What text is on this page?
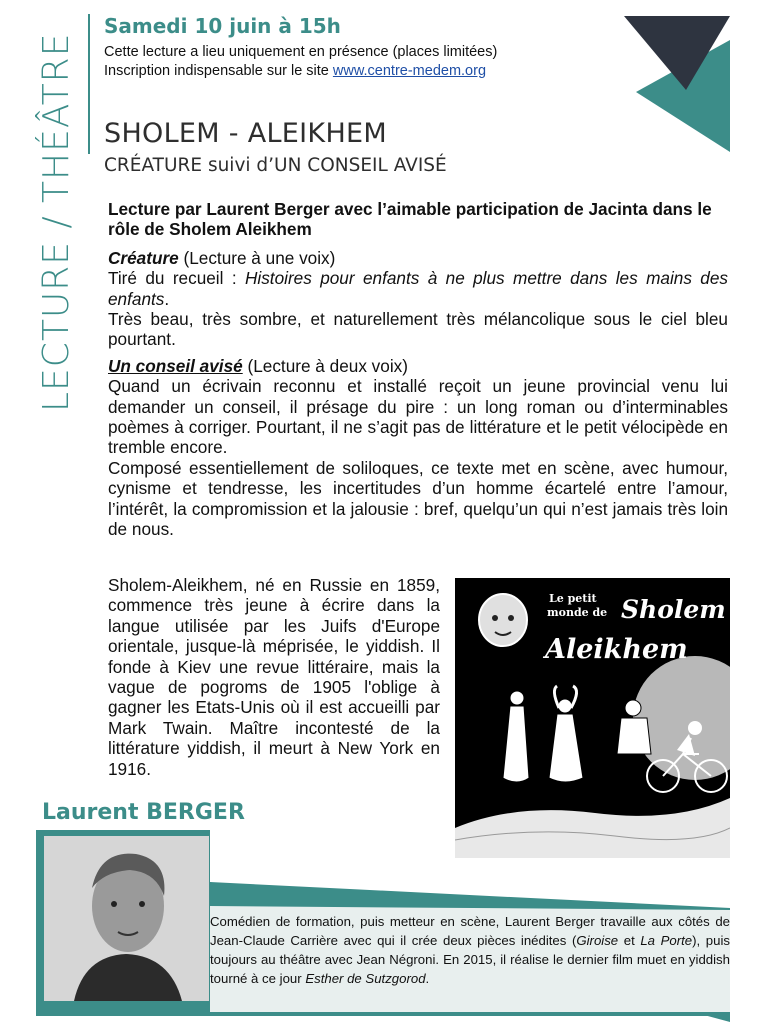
LECTURE / THÉÂTRE
Samedi 10 juin à 15h
Cette lecture a lieu uniquement en présence (places limitées)
Inscription indispensable sur le site www.centre-medem.org
SHOLEM - ALEIKHEM
CRÉATURE suivi d’UN CONSEIL AVISÉ
Lecture par Laurent Berger avec l’aimable participation de Jacinta dans le rôle de Sholem Aleikhem
Créature (Lecture à une voix)
Tiré du recueil : Histoires pour enfants à ne plus mettre dans les mains des enfants.
Très beau, très sombre, et naturellement très mélancolique sous le ciel bleu pourtant.
Un conseil avisé (Lecture à deux voix)
Quand un écrivain reconnu et installé reçoit un jeune provincial venu lui demander un conseil, il présage du pire : un long roman ou d’interminables poèmes à corriger. Pourtant, il ne s’agit pas de littérature et le petit vélocipède en tremble encore.
Composé essentiellement de soliloques, ce texte met en scène, avec humour, cynisme et tendresse, les incertitudes d’un homme écartelé entre l’amour, l’intérêt, la compromission et la jalousie : bref, quelqu’un qui n’est jamais très loin de nous.
Sholem-Aleikhem, né en Russie en 1859, commence très jeune à écrire dans la langue utilisée par les Juifs d'Europe orientale, jusque-là méprisée, le yiddish. Il fonde à Kiev une revue littéraire, mais la vague de pogroms de 1905 l'oblige à gagner les Etats-Unis où il est accueilli par Mark Twain. Maître incontesté de la littérature yiddish, il meurt à New York en 1916.
Le petit
monde de Sholem
Aleikhem
Laurent BERGER
Comédien de formation, puis metteur en scène, Laurent Berger travaille aux côtés de Jean-Claude Carrière avec qui il crée deux pièces inédites (Giroise et La Porte), puis toujours au théâtre avec Jean Négroni. En 2015, il réalise le dernier film muet en yiddish tourné à ce jour Esther de Sutzgorod.
